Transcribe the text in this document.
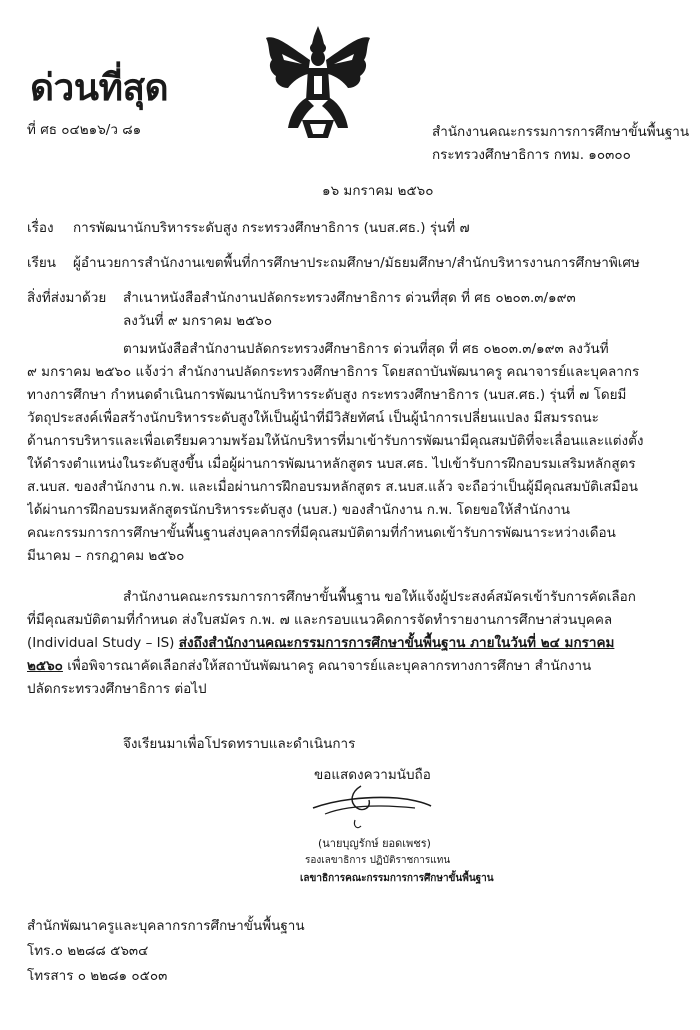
ด่วนที่สุด
ที่ ศธ ๐๔๒๑๖/ว ๘๑	สำนักงานคณะกรรมการการศึกษาขั้นพื้นฐาน
กระทรวงศึกษาธิการ กทม. ๑๐๓๐๐
๑๖ มกราคม ๒๕๖๐
เรื่อง การพัฒนานักบริหารระดับสูง กระทรวงศึกษาธิการ (นบส.ศธ.) รุ่นที่ ๗
เรียน ผู้อำนวยการสำนักงานเขตพื้นที่การศึกษาประถมศึกษา/มัธยมศึกษา/สำนักบริหารงานการศึกษาพิเศษ
สิ่งที่ส่งมาด้วย สำเนาหนังสือสำนักงานปลัดกระทรวงศึกษาธิการ ด่วนที่สุด ที่ ศธ ๐๒๐๓.๓/๑๙๓
ลงวันที่ ๙ มกราคม ๒๕๖๐
ตามหนังสือสำนักงานปลัดกระทรวงศึกษาธิการ ด่วนที่สุด ที่ ศธ ๐๒๐๓.๓/๑๙๓ ลงวันที่
๙ มกราคม ๒๕๖๐ แจ้งว่า สำนักงานปลัดกระทรวงศึกษาธิการ โดยสถาบันพัฒนาครู คณาจารย์และบุคลากร
ทางการศึกษา กำหนดดำเนินการพัฒนานักบริหารระดับสูง กระทรวงศึกษาธิการ (นบส.ศธ.) รุ่นที่ ๗ โดยมี
วัตถุประสงค์เพื่อสร้างนักบริหารระดับสูงให้เป็นผู้นำที่มีวิสัยทัศน์ เป็นผู้นำการเปลี่ยนแปลง มีสมรรถนะ
ด้านการบริหารและเพื่อเตรียมความพร้อมให้นักบริหารที่มาเข้ารับการพัฒนามีคุณสมบัติที่จะเลื่อนและแต่งตั้ง
ให้ดำรงตำแหน่งในระดับสูงขึ้น เมื่อผู้ผ่านการพัฒนาหลักสูตร นบส.ศธ. ไปเข้ารับการฝึกอบรมเสริมหลักสูตร
ส.นบส. ของสำนักงาน ก.พ. และเมื่อผ่านการฝึกอบรมหลักสูตร ส.นบส.แล้ว จะถือว่าเป็นผู้มีคุณสมบัติเสมือน
ได้ผ่านการฝึกอบรมหลักสูตรนักบริหารระดับสูง (นบส.) ของสำนักงาน ก.พ. โดยขอให้สำนักงาน
คณะกรรมการการศึกษาขั้นพื้นฐานส่งบุคลากรที่มีคุณสมบัติตามที่กำหนดเข้ารับการพัฒนาระหว่างเดือน
มีนาคม – กรกฎาคม ๒๕๖๐
สำนักงานคณะกรรมการการศึกษาขั้นพื้นฐาน ขอให้แจ้งผู้ประสงค์สมัครเข้ารับการคัดเลือก
ที่มีคุณสมบัติตามที่กำหนด ส่งใบสมัคร ก.พ. ๗ และกรอบแนวคิดการจัดทำรายงานการศึกษาส่วนบุคคล
(Individual Study – IS) ส่งถึงสำนักงานคณะกรรมการการศึกษาขั้นพื้นฐาน ภายในวันที่ ๒๔ มกราคม
๒๕๖๐ เพื่อพิจารณาคัดเลือกส่งให้สถาบันพัฒนาครู คณาจารย์และบุคลากรทางการศึกษา สำนักงาน
ปลัดกระทรวงศึกษาธิการ ต่อไป
จึงเรียนมาเพื่อโปรดทราบและดำเนินการ
ขอแสดงความนับถือ
(นายบุญรักษ์ ยอดเพชร)
รองเลขาธิการ ปฏิบัติราชการแทน
เลขาธิการคณะกรรมการการศึกษาขั้นพื้นฐาน
สำนักพัฒนาครูและบุคลากรการศึกษาขั้นพื้นฐาน
โทร.๐ ๒๒๘๘ ๕๖๓๔
โทรสาร ๐ ๒๒๘๑ ๐๕๐๓
